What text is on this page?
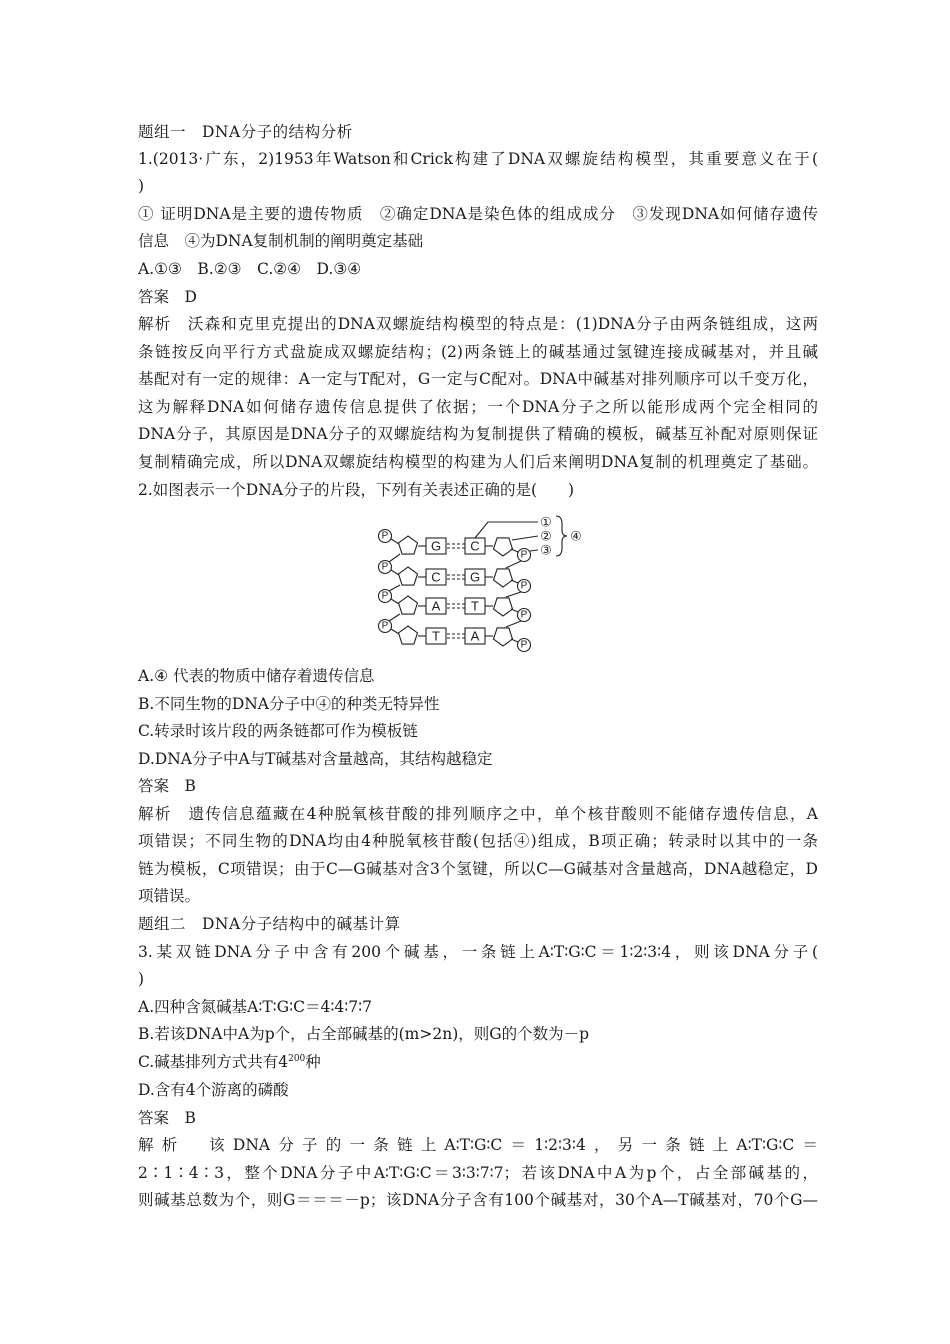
题组一　DNA分子的结构分析
1.(2013·广东，2)1953年Watson和Crick构建了DNA双螺旋结构模型，其重要意义在于(
)
① 证明DNA是主要的遗传物质　②确定DNA是染色体的组成成分　③发现DNA如何储存遗传
信息　④为DNA复制机制的阐明奠定基础
A.①③　B.②③　C.②④　D.③④
答案　D
解析　沃森和克里克提出的DNA双螺旋结构模型的特点是：(1)DNA分子由两条链组成，这两
条链按反向平行方式盘旋成双螺旋结构；(2)两条链上的碱基通过氢键连接成碱基对，并且碱
基配对有一定的规律：A一定与T配对，G一定与C配对。DNA中碱基对排列顺序可以千变万化，
这为解释DNA如何储存遗传信息提供了依据；一个DNA分子之所以能形成两个完全相同的
DNA分子，其原因是DNA分子的双螺旋结构为复制提供了精确的模板，碱基互补配对原则保证
复制精确完成，所以DNA双螺旋结构模型的构建为人们后来阐明DNA复制的机理奠定了基础。
2.如图表示一个DNA分子的片段，下列有关表述正确的是(　　)
P
G C
P
P
C G
P
P
A T
P
P
T A
P
①
②
③
④
A.④ 代表的物质中储存着遗传信息
B.不同生物的DNA分子中④的种类无特异性
C.转录时该片段的两条链都可作为模板链
D.DNA分子中A与T碱基对含量越高，其结构越稳定
答案　B
解析　遗传信息蕴藏在4种脱氧核苷酸的排列顺序之中，单个核苷酸则不能储存遗传信息，A
项错误；不同生物的DNA均由4种脱氧核苷酸(包括④)组成，B项正确；转录时以其中的一条
链为模板，C项错误；由于C—G碱基对含3个氢键，所以C—G碱基对含量越高，DNA越稳定，D
项错误。
题组二　DNA分子结构中的碱基计算
3.某双链DNA分子中含有200个碱基，一条链上A∶T∶G∶C＝1∶2∶3∶4，则该DNA分子(
)
A.四种含氮碱基A∶T∶G∶C＝4∶4∶7∶7
B.若该DNA中A为p个，占全部碱基的(m>2n)，则G的个数为－p
C.碱基排列方式共有$4^{200}$种
D.含有4个游离的磷酸
答案　B
解析　该DNA分子的一条链上A∶T∶G∶C＝1∶2∶3∶4，另一条链上A∶T∶G∶C＝
2∶1∶4∶3，整个DNA分子中A∶T∶G∶C＝3∶3∶7∶7；若该DNA中A为p个，占全部碱基的，
则碱基总数为个，则G＝＝＝－p；该DNA分子含有100个碱基对，30个A—T碱基对，70个G—
